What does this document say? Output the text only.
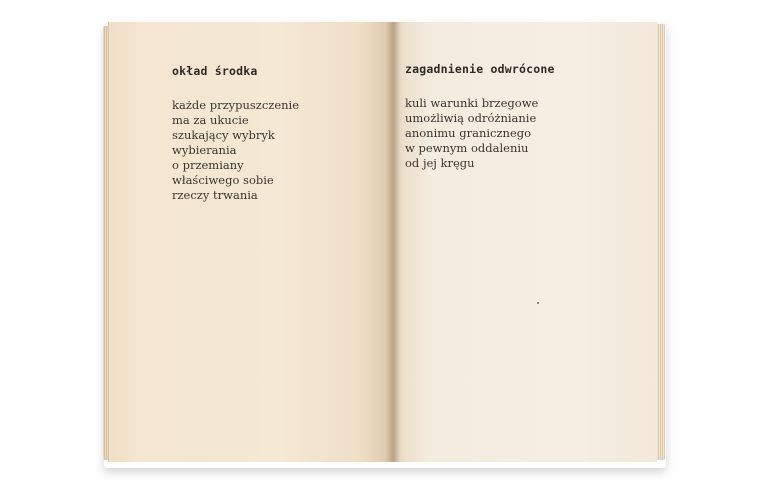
okład środka
każde przypuszczenie
ma za ukucie
szukający wybryk
wybierania
o przemiany
właściwego sobie
rzeczy trwania
zagadnienie odwrócone
kuli warunki brzegowe
umożliwią odróżnianie
anonimu granicznego
w pewnym oddaleniu
od jej kręgu
